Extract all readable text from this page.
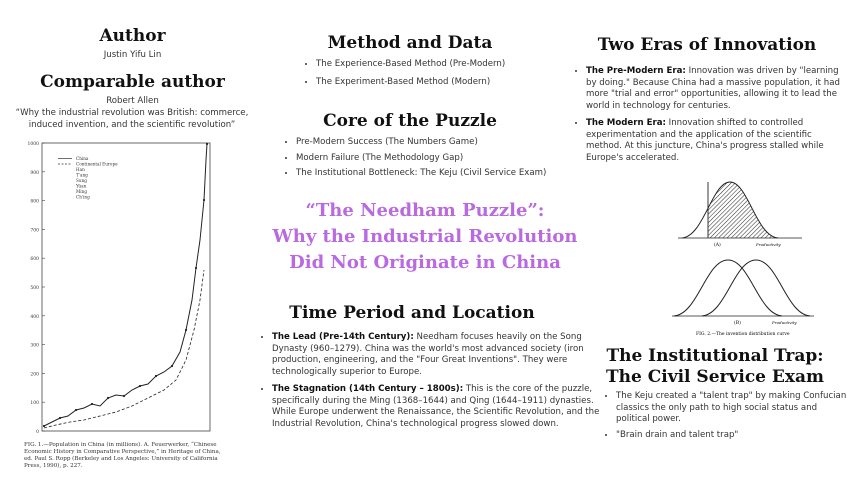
Author
Justin Yifu Lin
Comparable author
Robert Allen
“Why the industrial revolution was British: commerce, induced invention, and the scientific revolution”
1000
900
800
700
600
500
400
300
200
100
0
China
Continental Europe
Han
T'ang
Sung
Yüan
Ming
Ch'ing
FIG. 1.—Population in China (in millions). A. Feuerwerker, “Chinese Economic History in Comparative Perspective,” in Heritage of China, ed. Paul S. Ropp (Berkeley and Los Angeles: University of California Press, 1990), p. 227.
Method and Data
• The Experience-Based Method (Pre-Modern)
• The Experiment-Based Method (Modern)
Core of the Puzzle
• Pre-Modern Success (The Numbers Game)
• Modern Failure (The Methodology Gap)
• The Institutional Bottleneck: The Keju (Civil Service Exam)
“The Needham Puzzle”:
Why the Industrial Revolution
Did Not Originate in China
Time Period and Location
• The Lead (Pre-14th Century): Needham focuses heavily on the Song Dynasty (960–1279). China was the world's most advanced society (iron production, engineering, and the "Four Great Inventions". They were technologically superior to Europe.
• The Stagnation (14th Century – 1800s): This is the core of the puzzle, specifically during the Ming (1368–1644) and Qing (1644–1911) dynasties. While Europe underwent the Renaissance, the Scientific Revolution, and the Industrial Revolution, China's technological progress slowed down.
Two Eras of Innovation
• The Pre-Modern Era: Innovation was driven by "learning by doing." Because China had a massive population, it had more "trial and error" opportunities, allowing it to lead the world in technology for centuries.
• The Modern Era: Innovation shifted to controlled experimentation and the application of the scientific method. At this juncture, China's progress stalled while Europe's accelerated.
(A)	Productivity
(B)	Productivity
FIG. 2.—The invention distribution curve
The Institutional Trap:
The Civil Service Exam
• The Keju created a "talent trap" by making Confucian classics the only path to high social status and political power.
• "Brain drain and talent trap"
